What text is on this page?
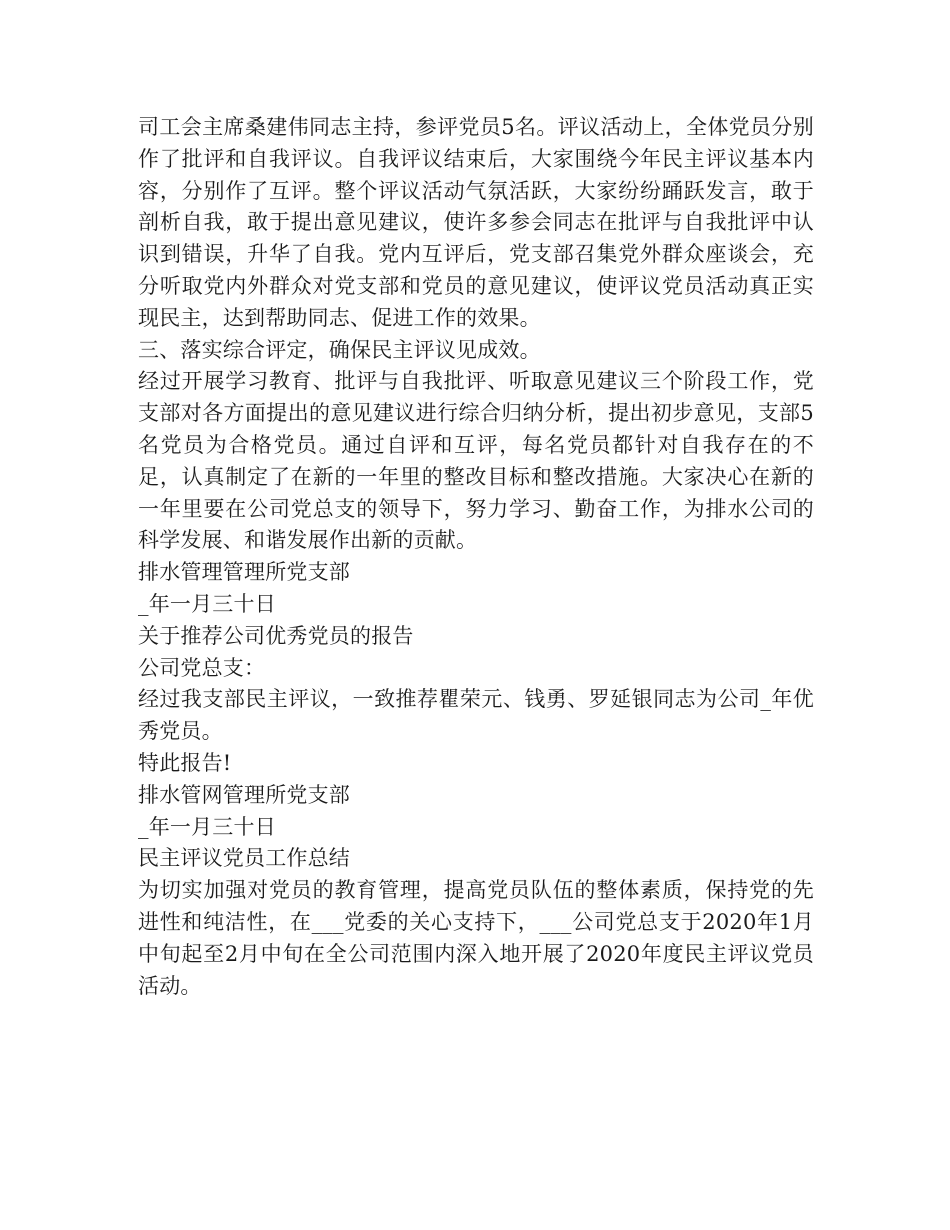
司工会主席桑建伟同志主持，参评党员5名。评议活动上，全体党员分别作了批评和自我评议。自我评议结束后，大家围绕今年民主评议基本内容，分别作了互评。整个评议活动气氛活跃，大家纷纷踊跃发言，敢于剖析自我，敢于提出意见建议，使许多参会同志在批评与自我批评中认识到错误，升华了自我。党内互评后，党支部召集党外群众座谈会，充分听取党内外群众对党支部和党员的意见建议，使评议党员活动真正实现民主，达到帮助同志、促进工作的效果。

三、落实综合评定，确保民主评议见成效。

经过开展学习教育、批评与自我批评、听取意见建议三个阶段工作，党支部对各方面提出的意见建议进行综合归纳分析，提出初步意见，支部5名党员为合格党员。通过自评和互评，每名党员都针对自我存在的不足，认真制定了在新的一年里的整改目标和整改措施。大家决心在新的一年里要在公司党总支的领导下，努力学习、勤奋工作，为排水公司的科学发展、和谐发展作出新的贡献。

排水管理管理所党支部

_年一月三十日

关于推荐公司优秀党员的报告

公司党总支：

经过我支部民主评议，一致推荐瞿荣元、钱勇、罗延银同志为公司_年优秀党员。

特此报告!

排水管网管理所党支部

_年一月三十日

民主评议党员工作总结

为切实加强对党员的教育管理，提高党员队伍的整体素质，保持党的先进性和纯洁性，在___党委的关心支持下，___公司党总支于2020年1月中旬起至2月中旬在全公司范围内深入地开展了2020年度民主评议党员活动。
